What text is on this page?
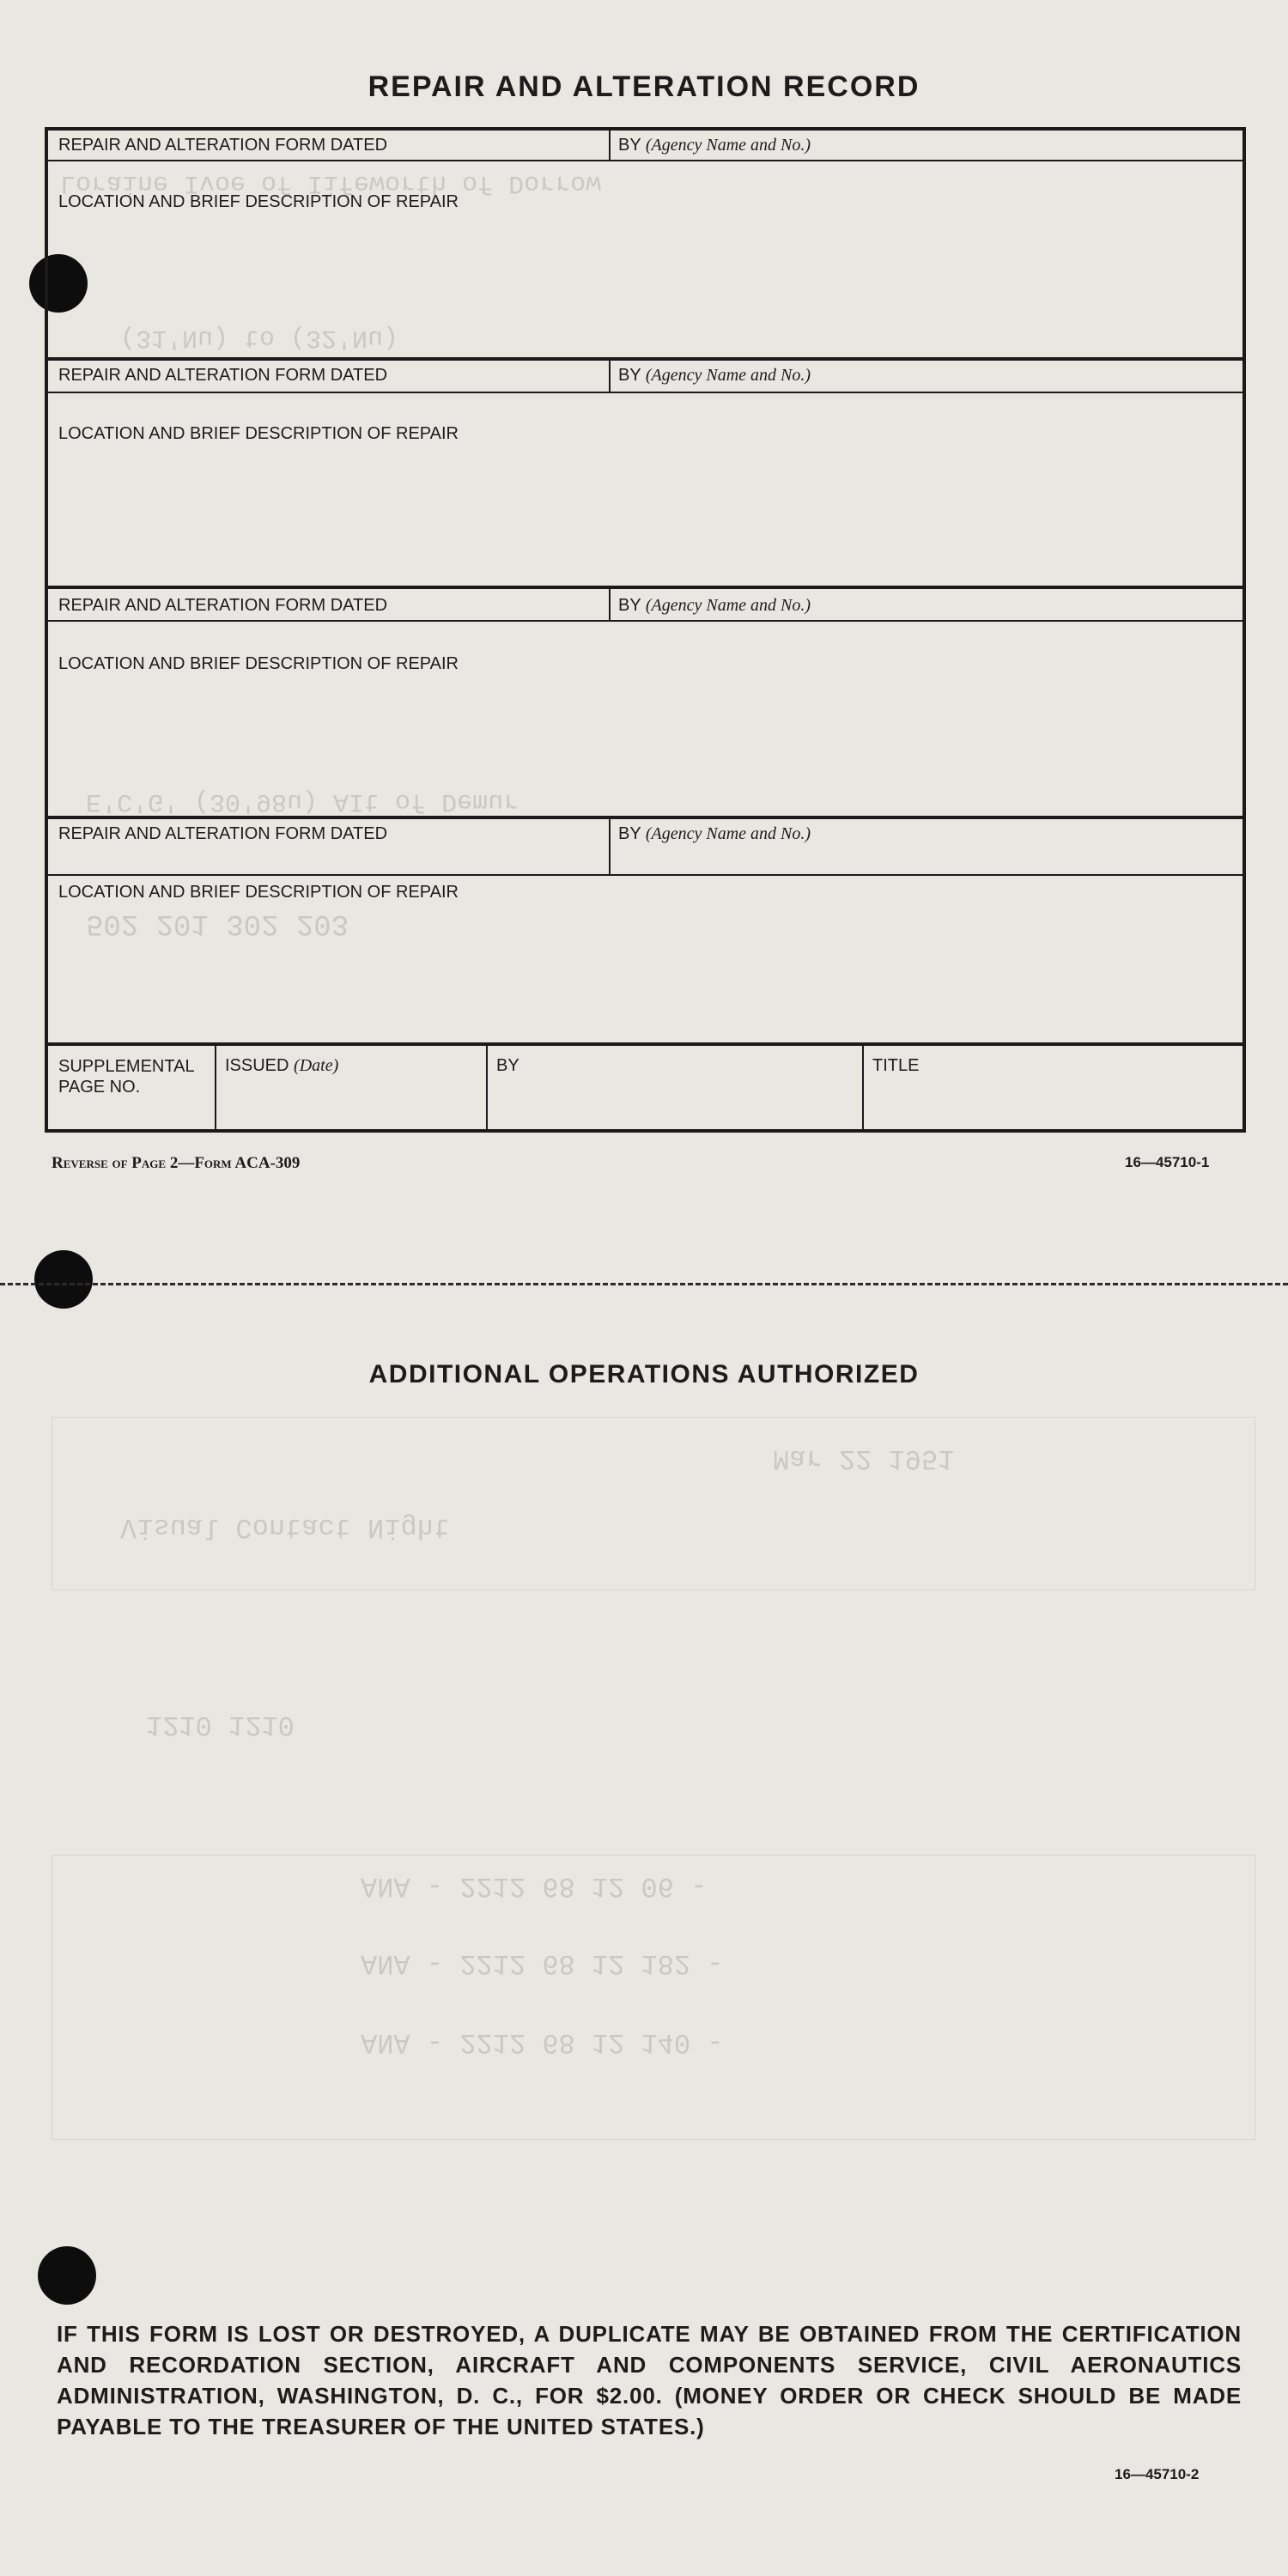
Loraine Ivoe of Iifeworth of Dorrow
(31'Nu) to (32'Nu)
E'C'G' (30'98u) AIt of Demur
502 201 302 203
Visual Contact Night
Mar 22 1951
1210 1210
ANA - 2212 68 12 06 -
ANA - 2212 68 12 182 -
ANA - 2212 68 12 140 -
REPAIR AND ALTERATION RECORD
REPAIR AND ALTERATION FORM DATED	BY (Agency Name and No.)
LOCATION AND BRIEF DESCRIPTION OF REPAIR
REPAIR AND ALTERATION FORM DATED	BY (Agency Name and No.)
LOCATION AND BRIEF DESCRIPTION OF REPAIR
REPAIR AND ALTERATION FORM DATED	BY (Agency Name and No.)
LOCATION AND BRIEF DESCRIPTION OF REPAIR
REPAIR AND ALTERATION FORM DATED	BY (Agency Name and No.)
LOCATION AND BRIEF DESCRIPTION OF REPAIR
SUPPLEMENTAL
PAGE NO.
ISSUED (Date)	BY	TITLE
Reverse of Page 2—Form ACA-309	16—45710-1
ADDITIONAL OPERATIONS AUTHORIZED
IF THIS FORM IS LOST OR DESTROYED, A DUPLICATE MAY BE OBTAINED FROM THE CERTIFICATION AND RECORDATION SECTION, AIRCRAFT AND COMPONENTS SERVICE, CIVIL AERONAUTICS ADMINISTRATION, WASHINGTON, D. C., FOR $2.00. (MONEY ORDER OR CHECK SHOULD BE MADE PAYABLE TO THE TREASURER OF THE UNITED STATES.)
16—45710-2
